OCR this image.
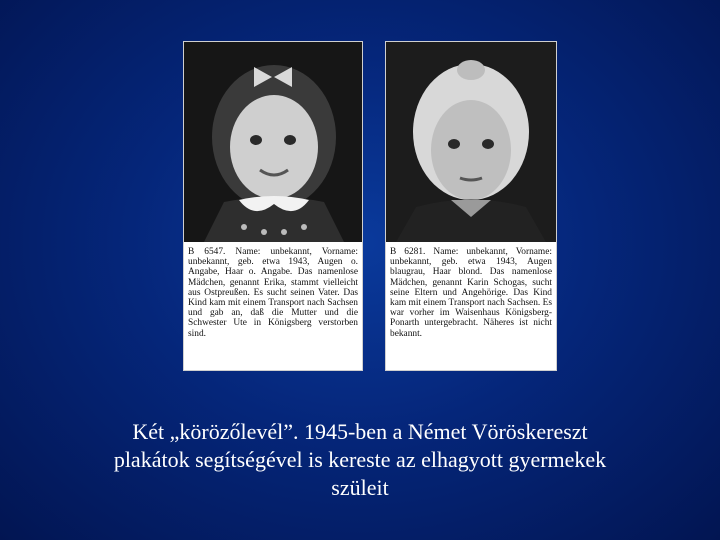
B 6547. Name: unbekannt, Vorname: unbekannt, geb. etwa 1943, Augen o. Angabe, Haar o. Angabe. Das namenlose Mädchen, genannt Erika, stammt vielleicht aus Ostpreußen. Es sucht seinen Vater. Das Kind kam mit einem Transport nach Sachsen und gab an, daß die Mutter und die Schwester Ute in Königsberg verstorben sind.
B 6281. Name: unbekannt, Vorname: unbekannt, geb. etwa 1943, Augen blaugrau, Haar blond. Das namenlose Mädchen, genannt Karin Schogas, sucht seine Eltern und Angehörige. Das Kind kam mit einem Transport nach Sachsen. Es war vorher im Waisenhaus Königsberg-Ponarth untergebracht. Näheres ist nicht bekannt.
Két „körözőlevél”. 1945-ben a Német Vöröskereszt
plakátok segítségével is kereste az elhagyott gyermekek
szüleit
